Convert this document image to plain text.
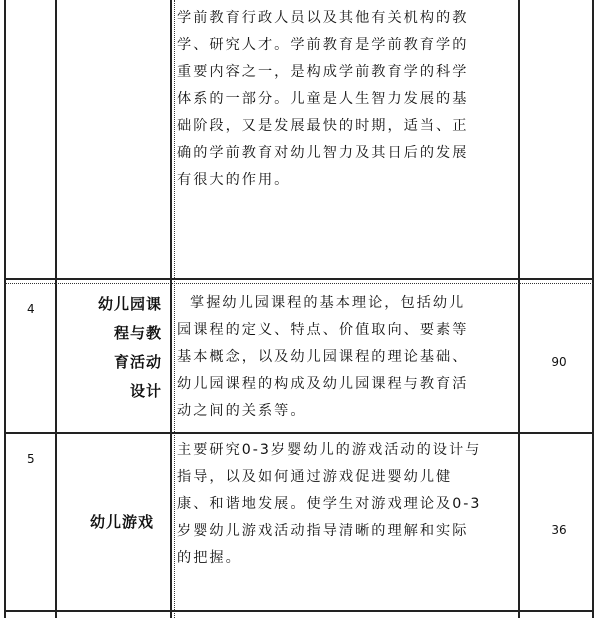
学前教育行政人员以及其他有关机构的教

学、研究人才。学前教育是学前教育学的

重要内容之一，是构成学前教育学的科学

体系的一部分。儿童是人生智力发展的基

础阶段，又是发展最快的时期，适当、正

确的学前教育对幼儿智力及其日后的发展

有很大的作用。

4	幼儿园课
程与教
育活动
设计

掌握幼儿园课程的基本理论，包括幼儿

园课程的定义、特点、价值取向、要素等

基本概念，以及幼儿园课程的理论基础、

幼儿园课程的构成及幼儿园课程与教育活

动之间的关系等。

90
5
幼儿游戏

主要研究0-3岁婴幼儿的游戏活动的设计与

指导，以及如何通过游戏促进婴幼儿健

康、和谐地发展。使学生对游戏理论及0-3

岁婴幼儿游戏活动指导清晰的理解和实际

的把握。

36
